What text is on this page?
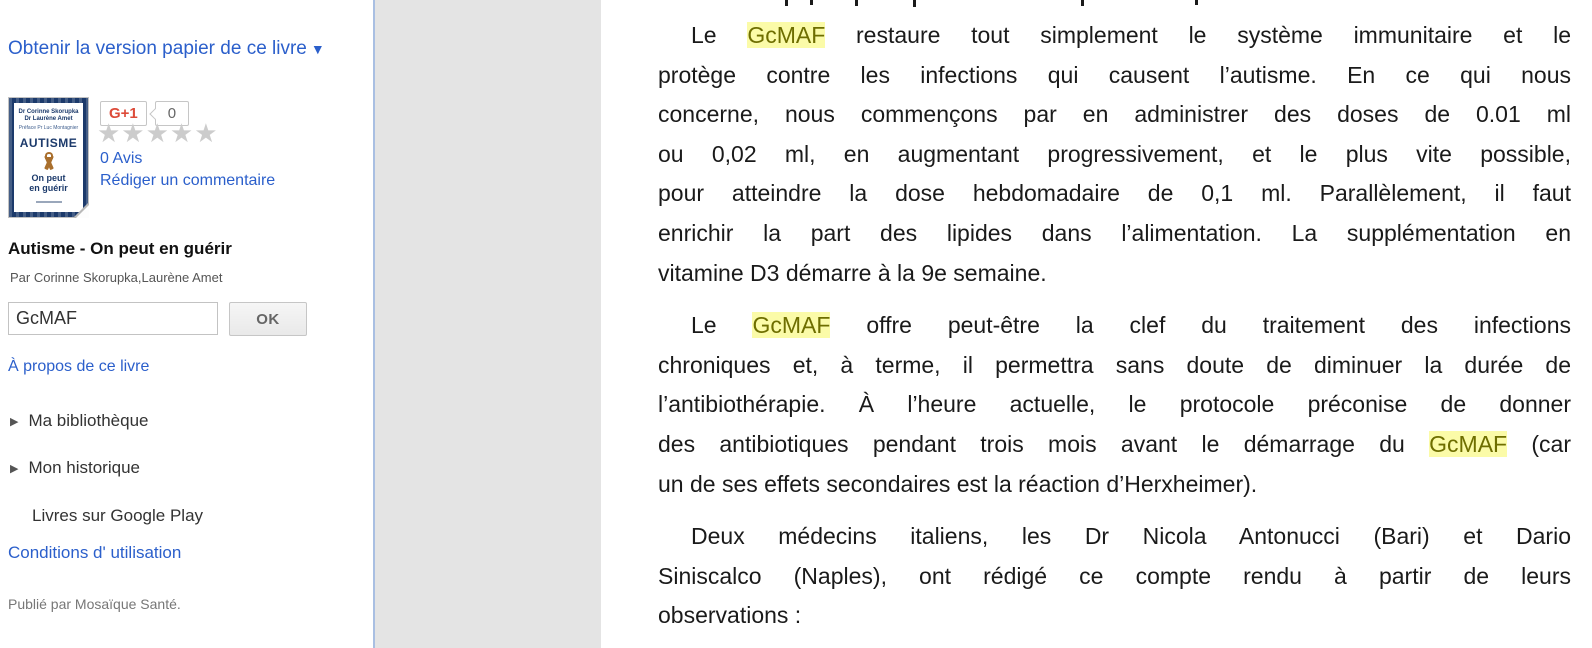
Obtenir la version papier de ce livre ▼
Dr Corinne Skorupka
Dr Laurène Amet
Préface Pr Luc Montagnier
AUTISME
On peut
en guérir
G+1	0
★★★★★
0 Avis
Rédiger un commentaire
Autisme - On peut en guérir
Par Corinne Skorupka,Laurène Amet
GcMAF
OK
À propos de ce livre
▶ Ma bibliothèque
▶ Mon historique
Livres sur Google Play
Conditions d' utilisation
Publié par Mosaïque Santé.
Le GcMAF restaure tout simplement le système immunitaire et le
protège contre les infections qui causent l’autisme. En ce qui nous
concerne, nous commençons par en administrer des doses de 0.01 ml
ou 0,02 ml, en augmentant progressivement, et le plus vite possible,
pour atteindre la dose hebdomadaire de 0,1 ml. Parallèlement, il faut
enrichir la part des lipides dans l’alimentation. La supplémentation en
vitamine D3 démarre à la 9e semaine.
Le GcMAF offre peut-être la clef du traitement des infections
chroniques et, à terme, il permettra sans doute de diminuer la durée de
l’antibiothérapie. À l’heure actuelle, le protocole préconise de donner
des antibiotiques pendant trois mois avant le démarrage du GcMAF (car
un de ses effets secondaires est la réaction d’Herxheimer).
Deux médecins italiens, les Dr Nicola Antonucci (Bari) et Dario
Siniscalco (Naples), ont rédigé ce compte rendu à partir de leurs
observations :
